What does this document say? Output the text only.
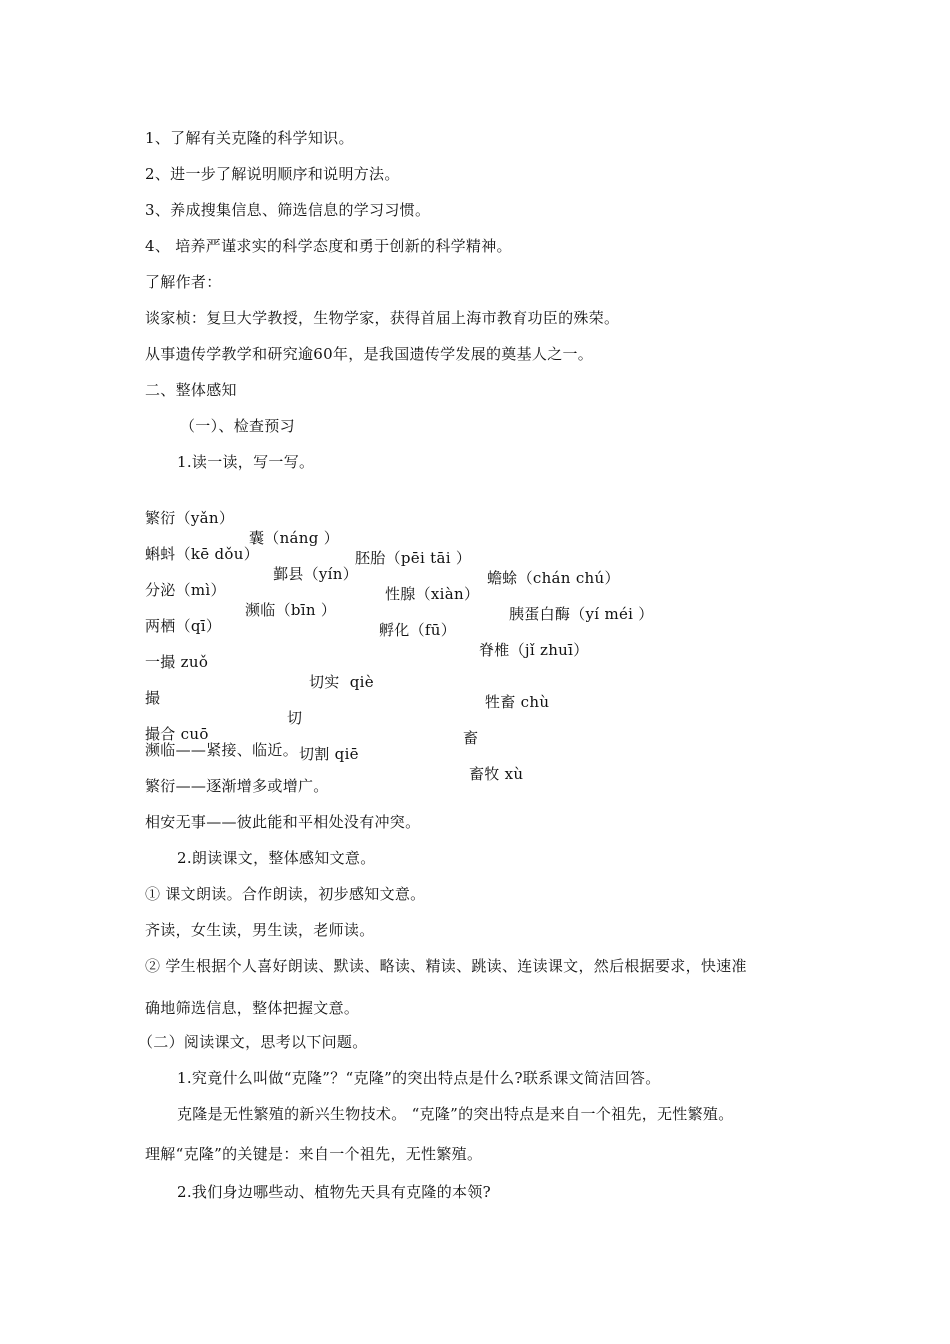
1、了解有关克隆的科学知识。
2、进一步了解说明顺序和说明方法。
3、养成搜集信息、筛选信息的学习习惯。
4、 培养严谨求实的科学态度和勇于创新的科学精神。
了解作者：
谈家桢：复旦大学教授，生物学家，获得首届上海市教育功臣的殊荣。
从事遗传学教学和研究逾60年，是我国遗传学发展的奠基人之一。
二、整体感知
（一）、检查预习
1.读一读，写一写。

繁衍（yǎn）

囊（náng ）

胚胎（pēi tāi ）

蟾蜍（chán chú）

蝌蚪（kē dǒu）

鄞县（yín）

性腺（xiàn）

胰蛋白酶（yí méi ）

分泌（mì）

濒临（bīn ）

孵化（fū）

脊椎（jǐ zhuī）

两栖（qī）

一撮 zuǒ

切实  qiè

牲畜 chù

撮

切

畜

撮合 cuō

切割 qiē

畜牧 xù

濒临——紧接、临近。
繁衍——逐渐增多或增广。
相安无事——彼此能和平相处没有冲突。
2.朗读课文，整体感知文意。
① 课文朗读。合作朗读，初步感知文意。
齐读，女生读，男生读，老师读。
② 学生根据个人喜好朗读、默读、略读、精读、跳读、连读课文，然后根据要求，快速准
确地筛选信息，整体把握文意。
（二）阅读课文，思考以下问题。
1.究竟什么叫做“克隆”？“克隆”的突出特点是什么?联系课文简洁回答。
克隆是无性繁殖的新兴生物技术。 “克隆”的突出特点是来自一个祖先，无性繁殖。
理解“克隆”的关键是：来自一个祖先，无性繁殖。
2.我们身边哪些动、植物先天具有克隆的本领?
